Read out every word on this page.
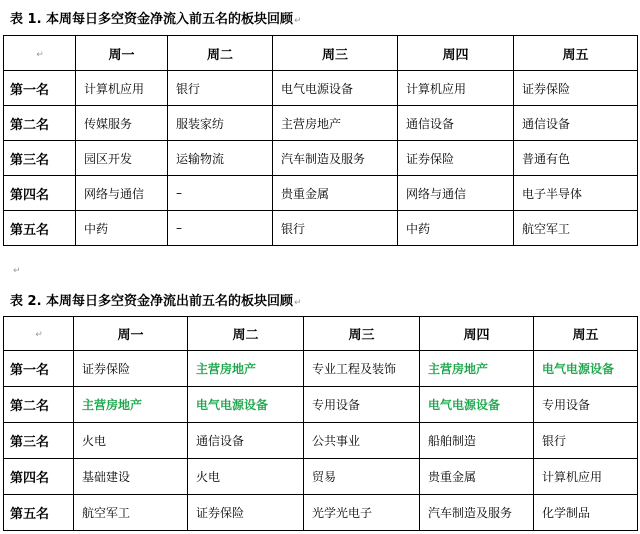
表 1. 本周每日多空资金净流入前五名的板块回顾↵
↵	周一	周二	周三	周四	周五
第一名	计算机应用	银行	电气电源设备	计算机应用	证券保险
第二名	传媒服务	服装家纺	主营房地产	通信设备	通信设备
第三名	园区开发	运输物流	汽车制造及服务	证券保险	普通有色
第四名	网络与通信	–	贵重金属	网络与通信	电子半导体
第五名	中药	–	银行	中药	航空军工
↵
表 2. 本周每日多空资金净流出前五名的板块回顾↵
↵	周一	周二	周三	周四	周五
第一名	证券保险	主营房地产	专业工程及装饰	主营房地产	电气电源设备
第二名	主营房地产	电气电源设备	专用设备	电气电源设备	专用设备
第三名	火电	通信设备	公共事业	船舶制造	银行
第四名	基础建设	火电	贸易	贵重金属	计算机应用
第五名	航空军工	证券保险	光学光电子	汽车制造及服务	化学制品
